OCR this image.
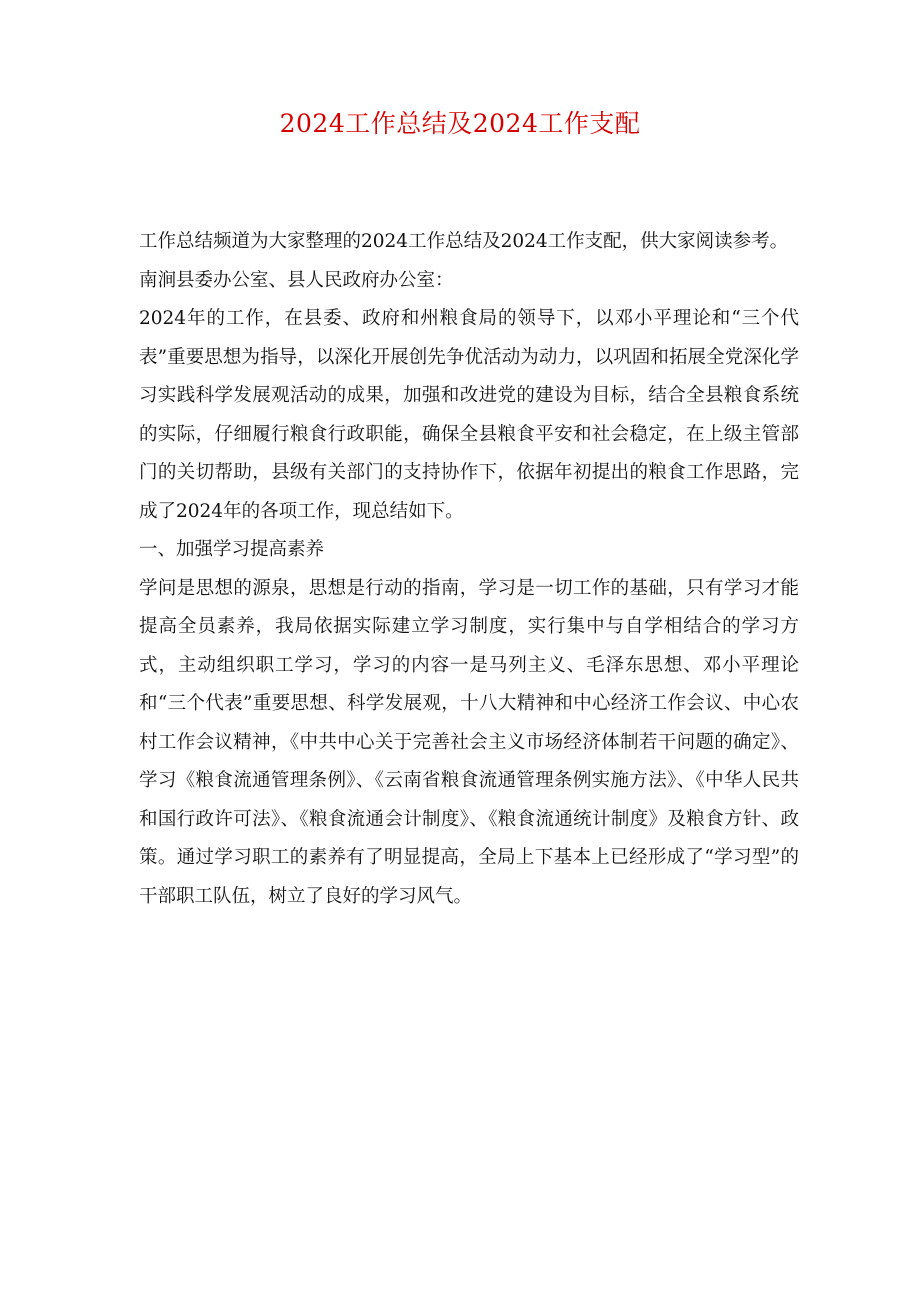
2024工作总结及2024工作支配

工作总结频道为大家整理的2024工作总结及2024工作支配，供大家阅读参考。

南涧县委办公室、县人民政府办公室：

2024年的工作，在县委、政府和州粮食局的领导下，以邓小平理论和“三个代表”重要思想为指导，以深化开展创先争优活动为动力，以巩固和拓展全党深化学习实践科学发展观活动的成果，加强和改进党的建设为目标，结合全县粮食系统的实际，仔细履行粮食行政职能，确保全县粮食平安和社会稳定，在上级主管部门的关切帮助，县级有关部门的支持协作下，依据年初提出的粮食工作思路，完成了2024年的各项工作，现总结如下。

一、加强学习提高素养

学问是思想的源泉，思想是行动的指南，学习是一切工作的基础，只有学习才能提高全员素养，我局依据实际建立学习制度，实行集中与自学相结合的学习方式，主动组织职工学习，学习的内容一是马列主义、毛泽东思想、邓小平理论和“三个代表”重要思想、科学发展观，十八大精神和中心经济工作会议、中心农村工作会议精神，《中共中心关于完善社会主义市场经济体制若干问题的确定》、学习《粮食流通管理条例》、《云南省粮食流通管理条例实施方法》、《中华人民共和国行政许可法》、《粮食流通会计制度》、《粮食流通统计制度》及粮食方针、政策。通过学习职工的素养有了明显提高，全局上下基本上已经形成了“学习型”的干部职工队伍，树立了良好的学习风气。
